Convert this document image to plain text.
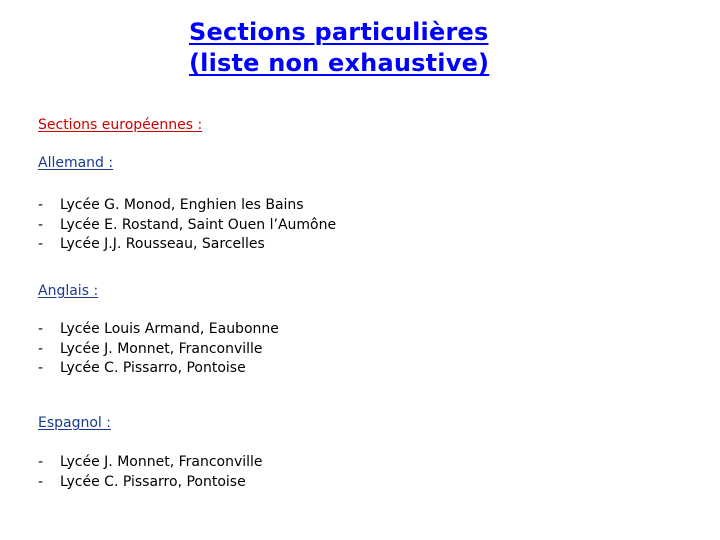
Sections particulières
(liste non exhaustive)
Sections européennes :
Allemand :
-	Lycée G. Monod, Enghien les Bains
-	Lycée E. Rostand, Saint Ouen l’Aumône
-	Lycée J.J. Rousseau, Sarcelles
Anglais :
-	Lycée Louis Armand, Eaubonne
-	Lycée J. Monnet, Franconville
-	Lycée C. Pissarro, Pontoise
Espagnol :
-	Lycée J. Monnet, Franconville
-	Lycée C. Pissarro, Pontoise
